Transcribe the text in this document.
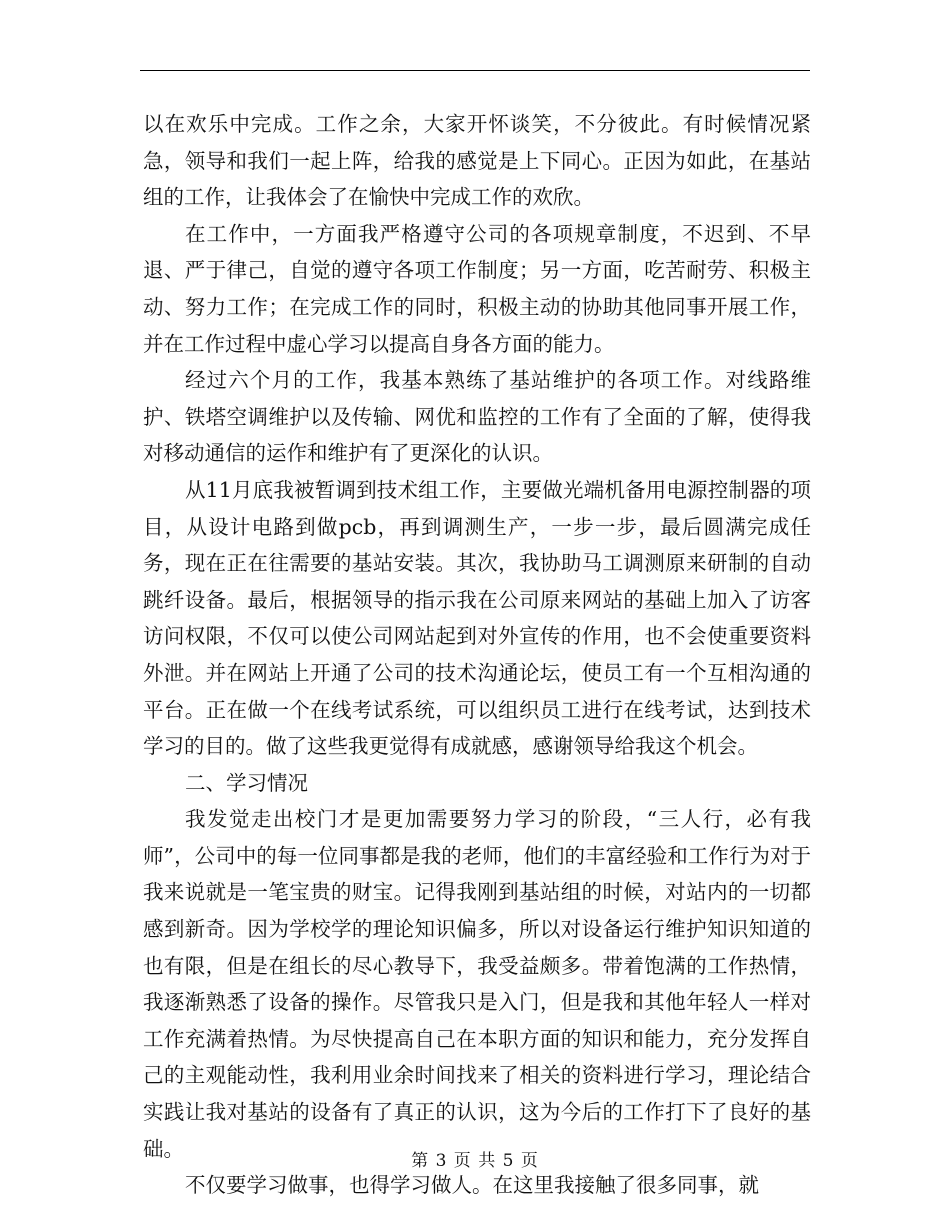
以在欢乐中完成。工作之余，大家开怀谈笑，不分彼此。有时候情况紧急，领导和我们一起上阵，给我的感觉是上下同心。正因为如此，在基站组的工作，让我体会了在愉快中完成工作的欢欣。

在工作中，一方面我严格遵守公司的各项规章制度，不迟到、不早退、严于律己，自觉的遵守各项工作制度；另一方面，吃苦耐劳、积极主动、努力工作；在完成工作的同时，积极主动的协助其他同事开展工作，并在工作过程中虚心学习以提高自身各方面的能力。

经过六个月的工作，我基本熟练了基站维护的各项工作。对线路维护、铁塔空调维护以及传输、网优和监控的工作有了全面的了解，使得我对移动通信的运作和维护有了更深化的认识。

从11月底我被暂调到技术组工作，主要做光端机备用电源控制器的项目，从设计电路到做pcb，再到调测生产，一步一步，最后圆满完成任务，现在正在往需要的基站安装。其次，我协助马工调测原来研制的自动跳纤设备。最后，根据领导的指示我在公司原来网站的基础上加入了访客访问权限，不仅可以使公司网站起到对外宣传的作用，也不会使重要资料外泄。并在网站上开通了公司的技术沟通论坛，使员工有一个互相沟通的平台。正在做一个在线考试系统，可以组织员工进行在线考试，达到技术学习的目的。做了这些我更觉得有成就感，感谢领导给我这个机会。

二、学习情况

我发觉走出校门才是更加需要努力学习的阶段，“三人行，必有我师”，公司中的每一位同事都是我的老师，他们的丰富经验和工作行为对于我来说就是一笔宝贵的财宝。记得我刚到基站组的时候，对站内的一切都感到新奇。因为学校学的理论知识偏多，所以对设备运行维护知识知道的也有限，但是在组长的尽心教导下，我受益颇多。带着饱满的工作热情，我逐渐熟悉了设备的操作。尽管我只是入门，但是我和其他年轻人一样对工作充满着热情。为尽快提高自己在本职方面的知识和能力，充分发挥自己的主观能动性，我利用业余时间找来了相关的资料进行学习，理论结合实践让我对基站的设备有了真正的认识，这为今后的工作打下了良好的基础。

不仅要学习做事，也得学习做人。在这里我接触了很多同事，就

第 3 页 共 5 页
